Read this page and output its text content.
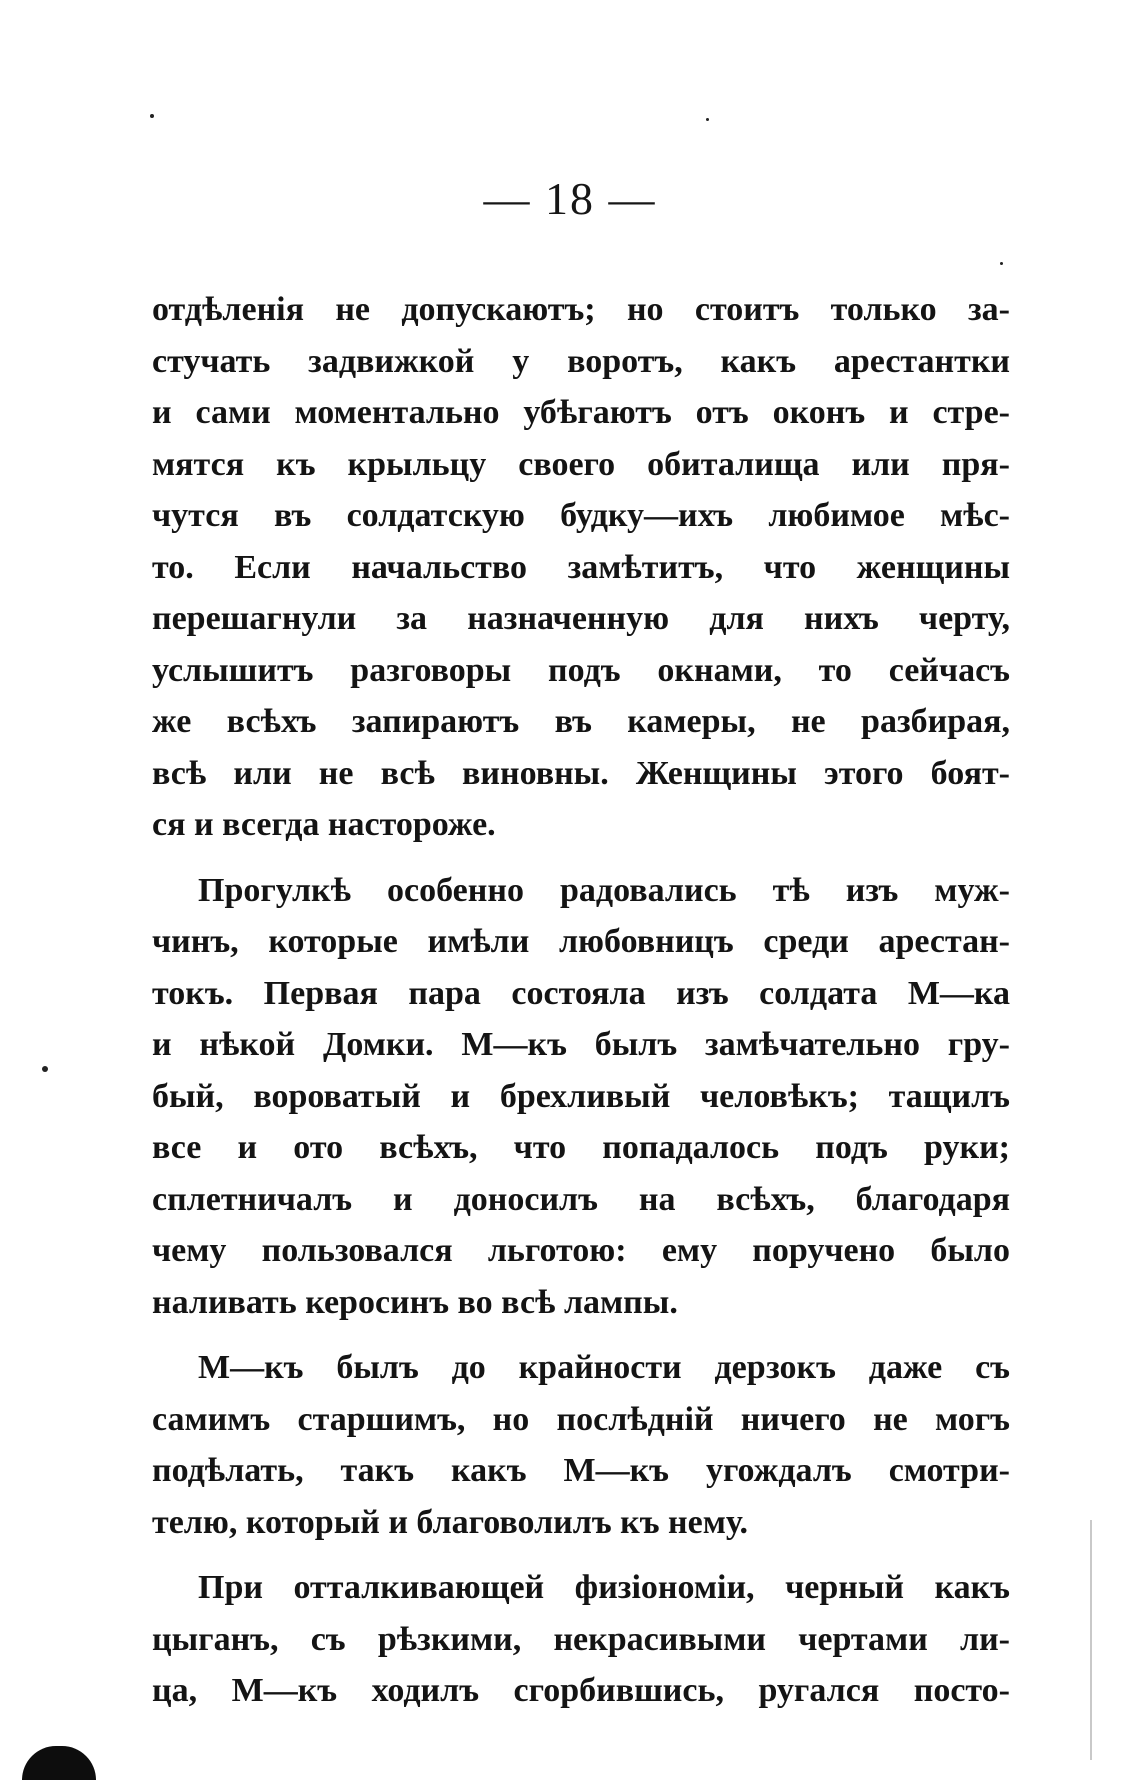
— 18 —
отдѣленія не допускаютъ; но стоитъ только за-
стучать задвижкой у воротъ, какъ арестантки
и сами моментально убѣгаютъ отъ оконъ и стре-
мятся къ крыльцу своего обиталища или пря-
чутся въ солдатскую будку—ихъ любимое мѣс-
то. Если начальство замѣтитъ, что женщины
перешагнули за назначенную для нихъ черту,
услышитъ разговоры подъ окнами, то сейчасъ
же всѣхъ запираютъ въ камеры, не разбирая,
всѣ или не всѣ виновны. Женщины этого боят-
ся и всегда настороже.
Прогулкѣ особенно радовались тѣ изъ муж-
чинъ, которые имѣли любовницъ среди арестан-
токъ. Первая пара состояла изъ солдата М—ка
и нѣкой Домки. М—къ былъ замѣчательно гру-
бый, вороватый и брехливый человѣкъ; тащилъ
все и ото всѣхъ, что попадалось подъ руки;
сплетничалъ и доносилъ на всѣхъ, благодаря
чему пользовался льготою: ему поручено было
наливать керосинъ во всѣ лампы.
М—къ былъ до крайности дерзокъ даже съ
самимъ старшимъ, но послѣдній ничего не могъ
подѣлать, такъ какъ М—къ угождалъ смотри-
телю, который и благоволилъ къ нему.
При отталкивающей физіономіи, черный какъ
цыганъ, съ рѣзкими, некрасивыми чертами ли-
ца, М—къ ходилъ сгорбившись, ругался посто-
